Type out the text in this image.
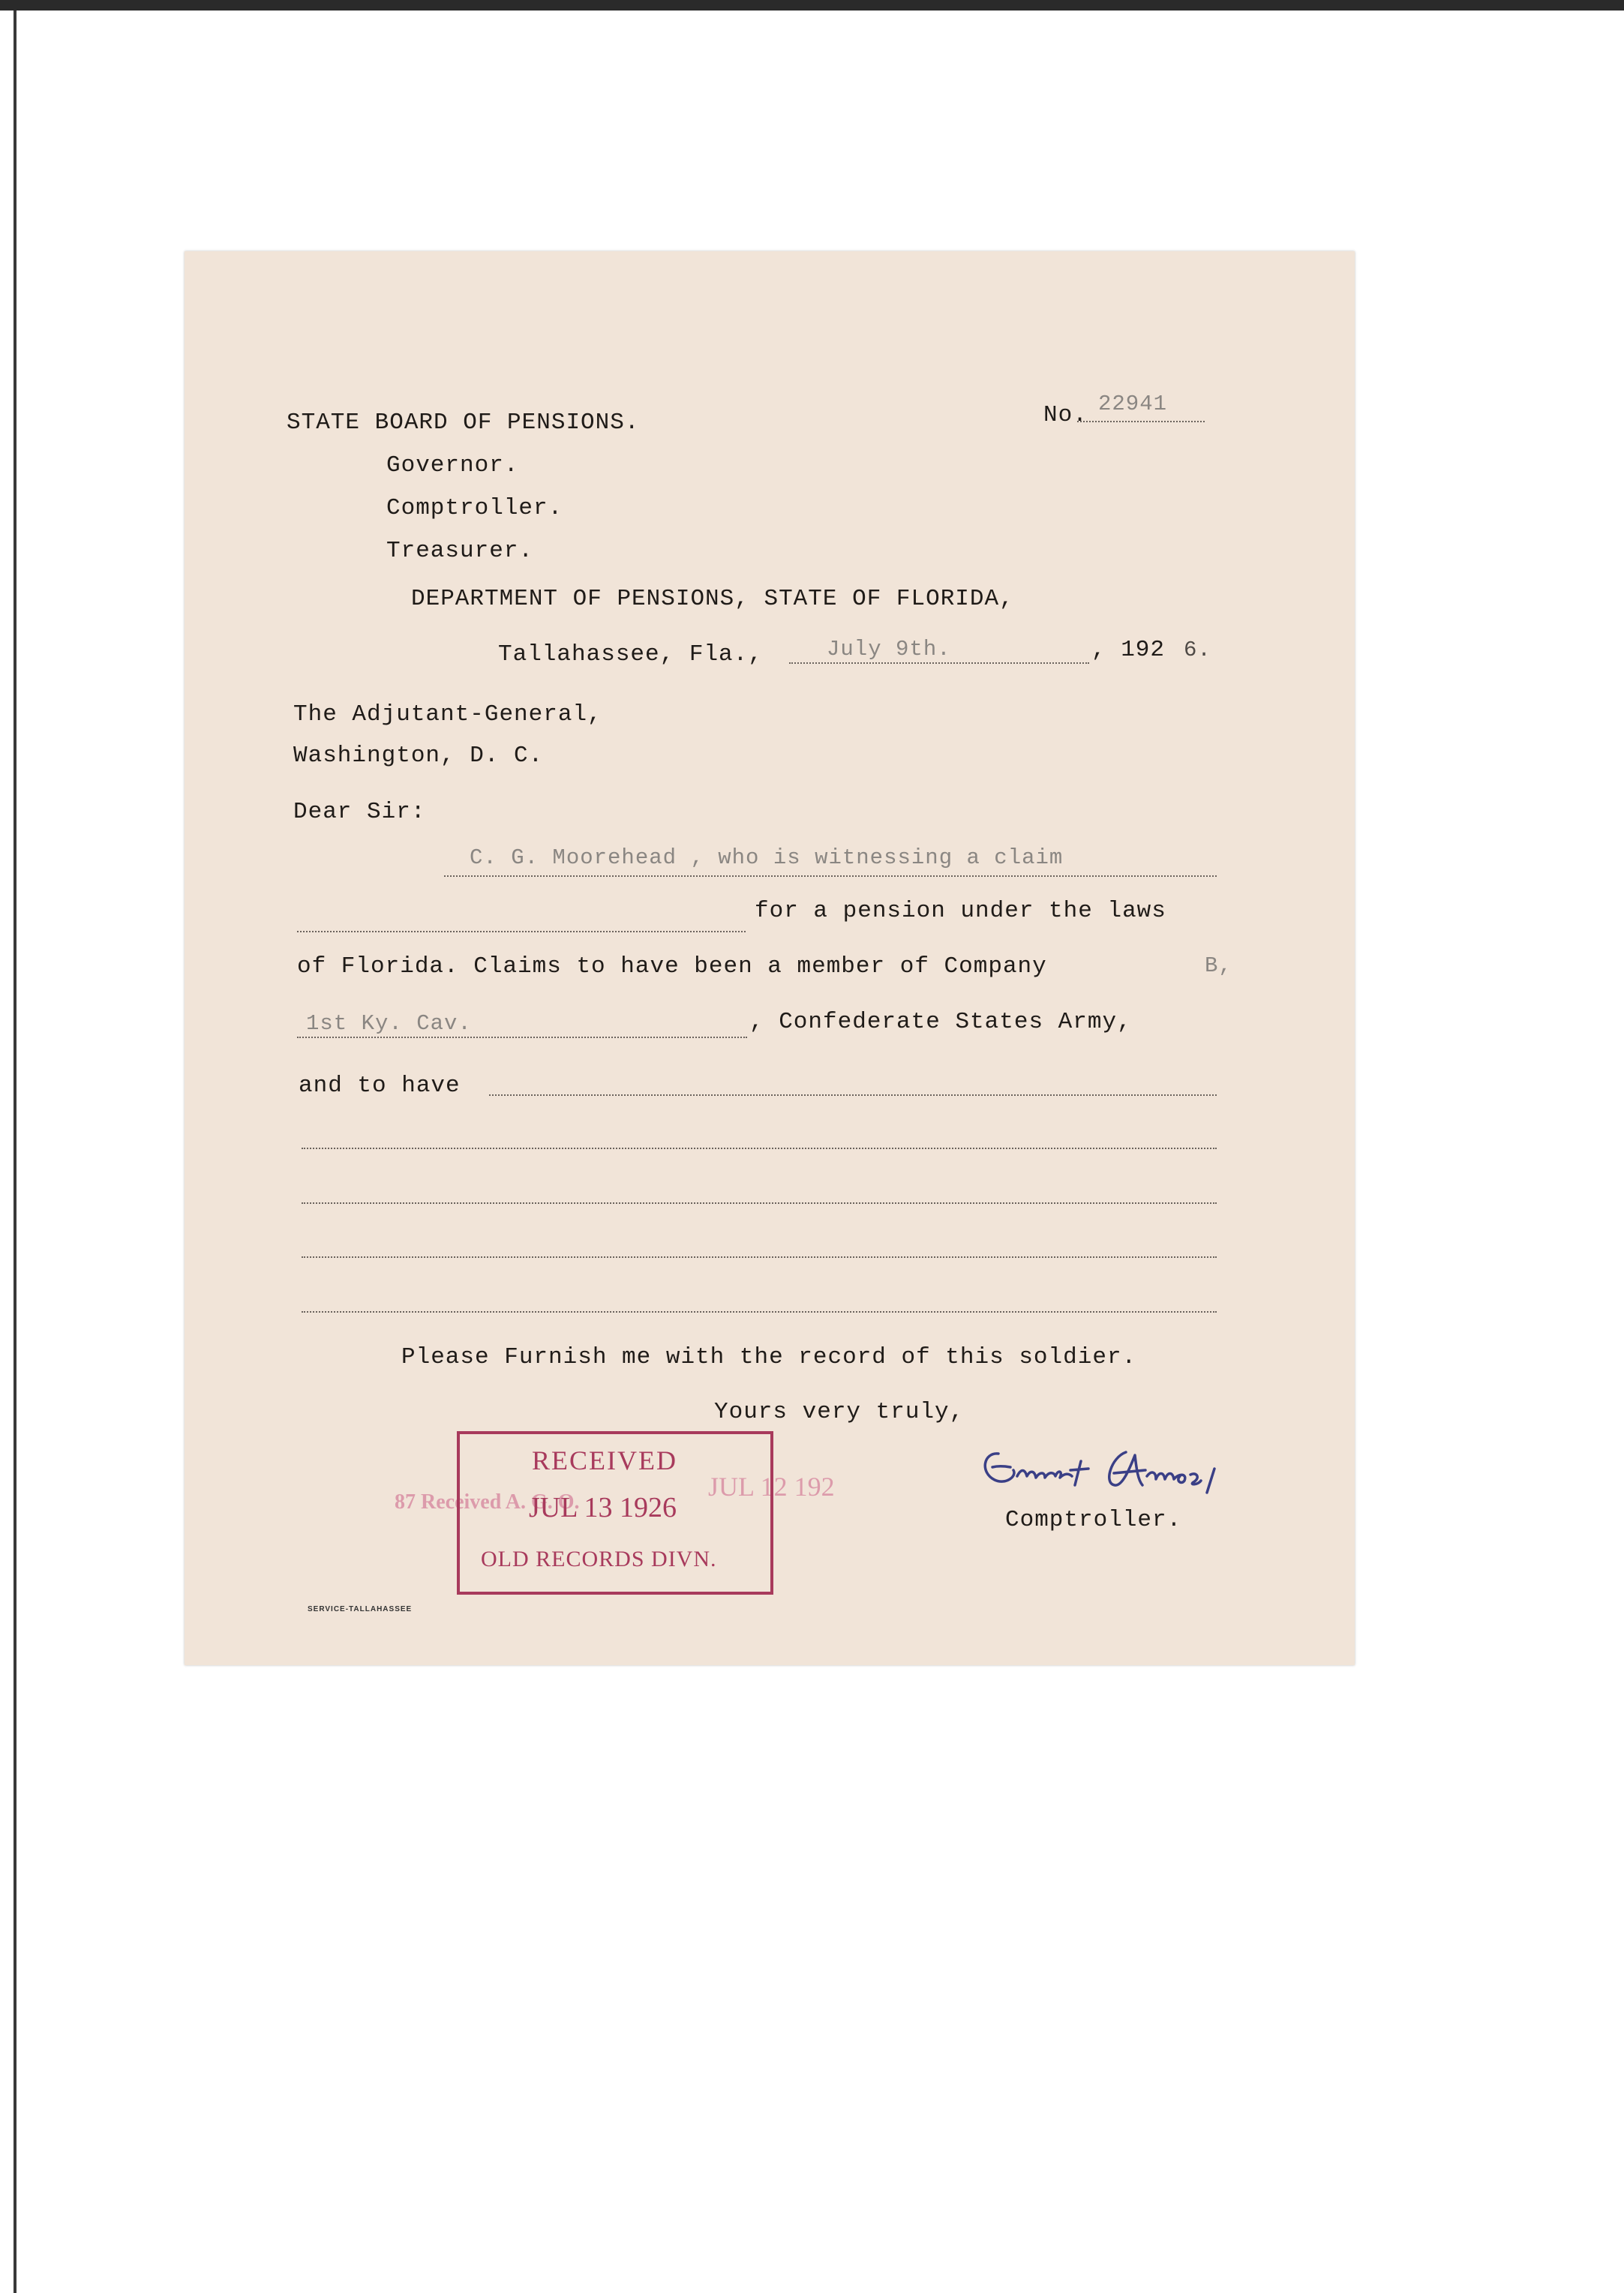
STATE BOARD OF PENSIONS.
Governor.
Comptroller.
Treasurer.
No. 22941
DEPARTMENT OF PENSIONS, STATE OF FLORIDA,
Tallahassee, Fla.,	July 9th.	, 192 6.
The Adjutant-General,
Washington, D. C.
Dear Sir:
C. G. Moorehead , who is witnessing a claim
for a pension under the laws
of Florida. Claims to have been a member of Company	B,
1st Ky. Cav.	, Confederate States Army,
and to have
Please Furnish me with the record of this soldier.
Yours very truly,
87 Received A. G. O.
JUL 12 192
RECEIVED
JUL 13 1926
OLD RECORDS DIVN.
Comptroller.
SERVICE-TALLAHASSEE
